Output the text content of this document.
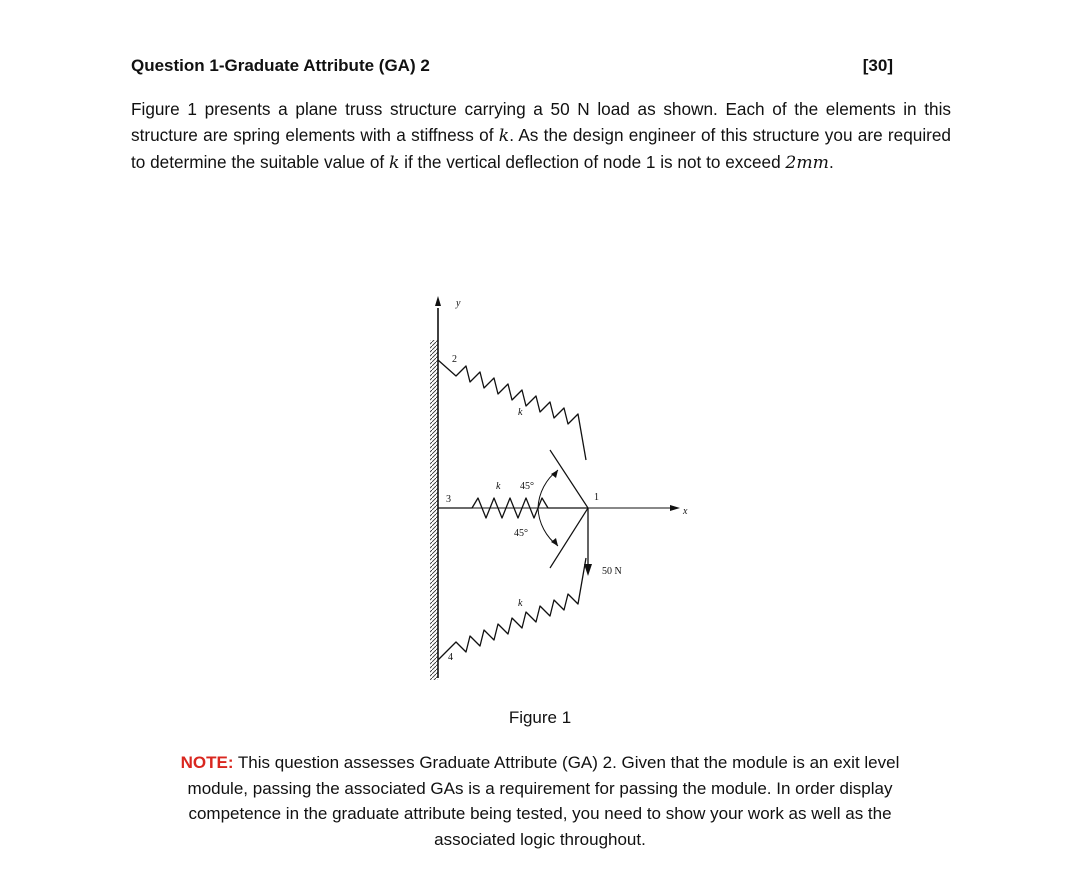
Question 1-Graduate Attribute (GA) 2	[30]

Figure 1 presents a plane truss structure carrying a 50 N load as shown. Each of the elements in this structure are spring elements with a stiffness of k. As the design engineer of this structure you are required to determine the suitable value of k if the vertical deflection of node 1 is not to exceed 2mm.

y
x
2
3
4
1
k
k
k
45°
45°
50 N
Figure 1

NOTE: This question assesses Graduate Attribute (GA) 2. Given that the module is an exit level module, passing the associated GAs is a requirement for passing the module. In order display competence in the graduate attribute being tested, you need to show your work as well as the associated logic throughout.
